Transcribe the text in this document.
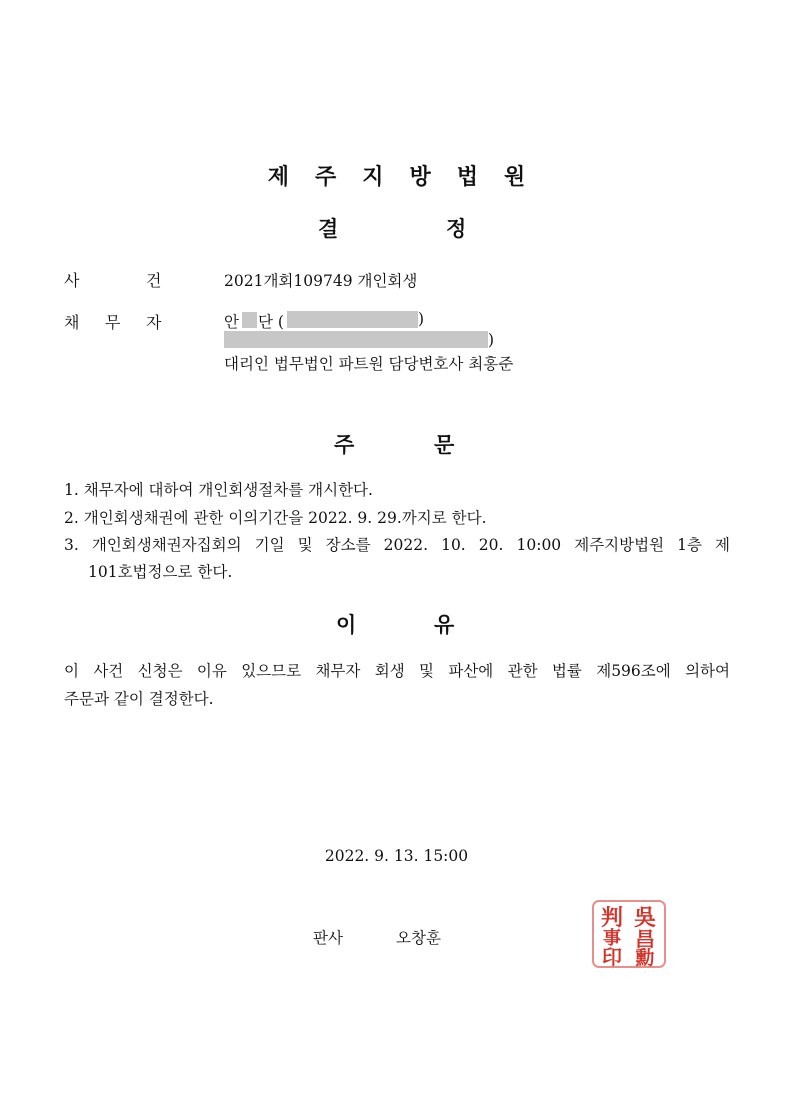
제 주 지 방 법 원
결	정
사	건	2021개회109749 개인회생
채 무 자	안 단 (	)
)
대리인 법무법인 파트원 담당변호사 최홍준
주	문
1. 채무자에 대하여 개인회생절차를 개시한다.
2. 개인회생채권에 관한 이의기간을 2022. 9. 29.까지로 한다.
3. 개인회생채권자집회의 기일 및 장소를 2022. 10. 20. 10:00 제주지방법원 1층 제
101호법정으로 한다.
이	유
이 사건 신청은 이유 있으므로 채무자 회생 및 파산에 관한 법률 제596조에 의하여
주문과 같이 결정한다.
2022. 9. 13. 15:00
판사	오창훈
判 吳
事 昌
印 勳
